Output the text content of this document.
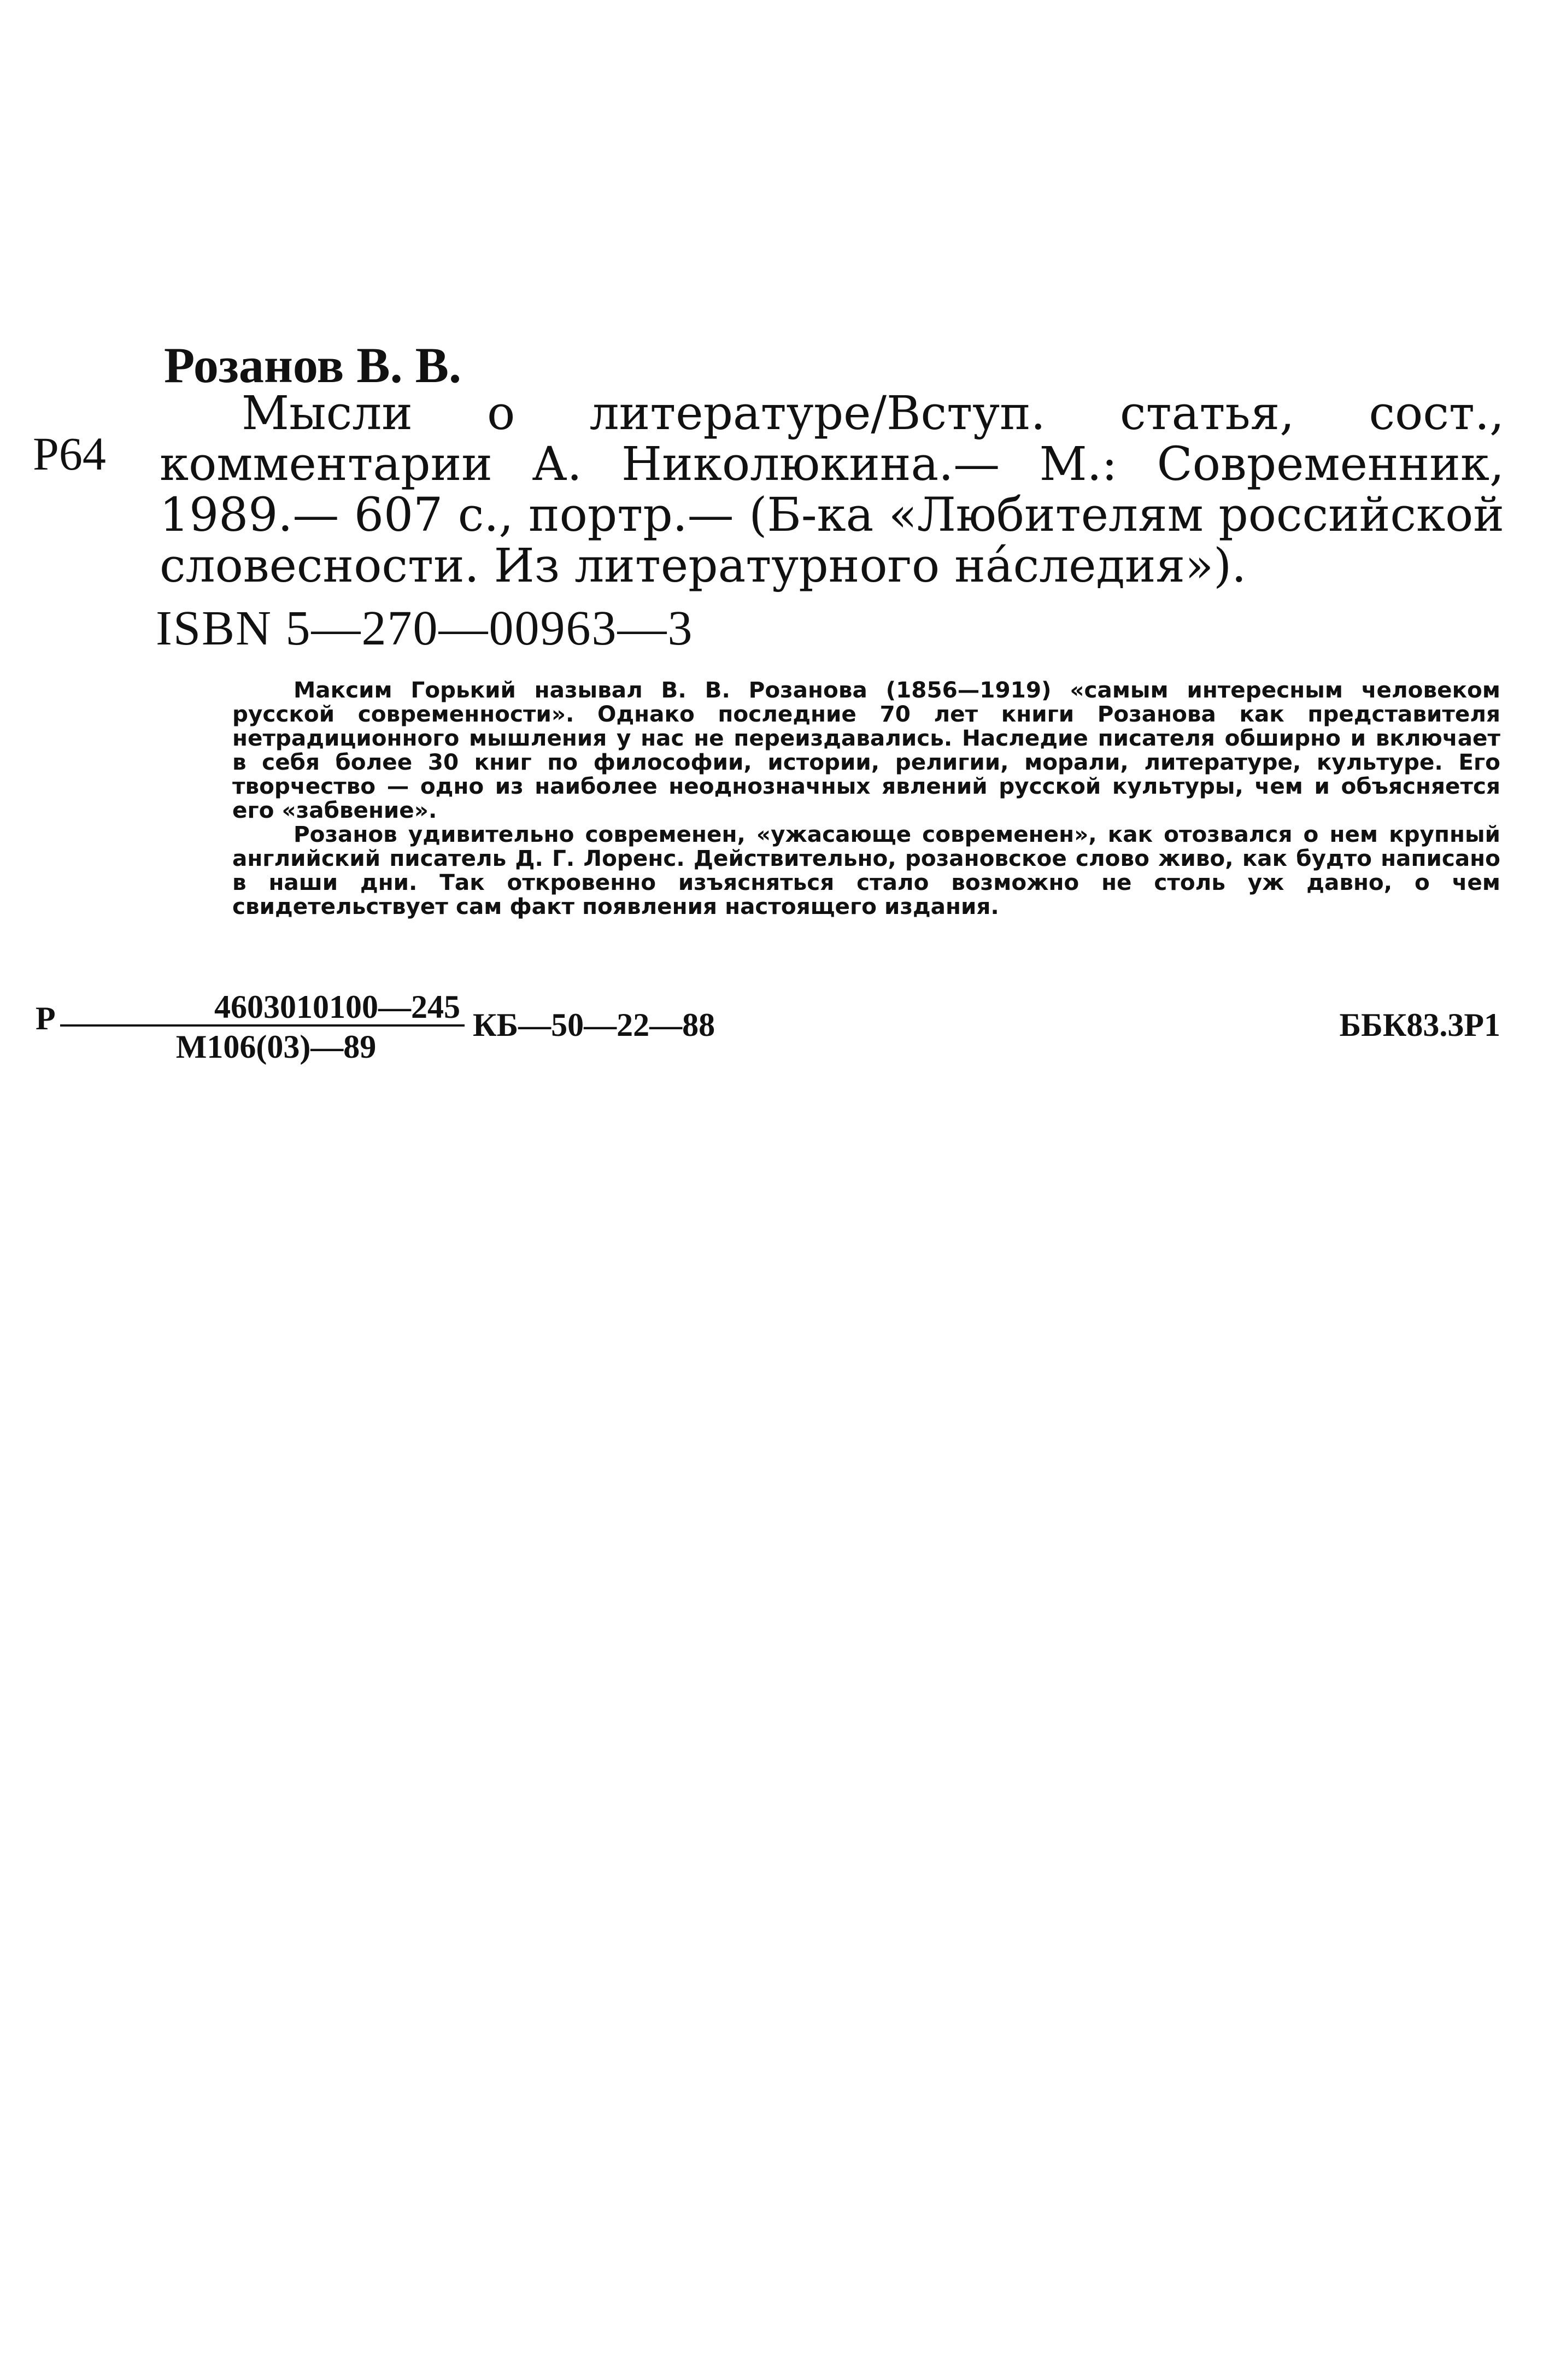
Розанов В. В.
Р64
Мысли о литературе/Вступ. статья, сост., комментарии А. Николюкина.— М.: Современник, 1989.— 607 с., портр.— (Б-ка «Любителям российской словесности. Из литературного на́следия»).
ISBN 5—270—00963—3

Максим Горький называл В. В. Розанова (1856—1919) «самым интересным человеком русской современности». Однако последние 70 лет книги Розанова как представителя нетрадиционного мышления у нас не переиздавались. Наследие писателя обширно и включает в себя более 30 книг по философии, истории, религии, морали, литературе, культуре. Его творчество — одно из наиболее неоднозначных явлений русской культуры, чем и объясняется его «забвение».

Розанов удивительно современен, «ужасающе современен», как отозвался о нем крупный английский писатель Д. Г. Лоренс. Действительно, розановское слово живо, как будто написано в наши дни. Так откровенно изъясняться стало возможно не столь уж давно, о чем свидетельствует сам факт появления настоящего издания.

Р	4603010100—245
М106(03)—89
КБ—50—22—88	ББК83.3Р1
